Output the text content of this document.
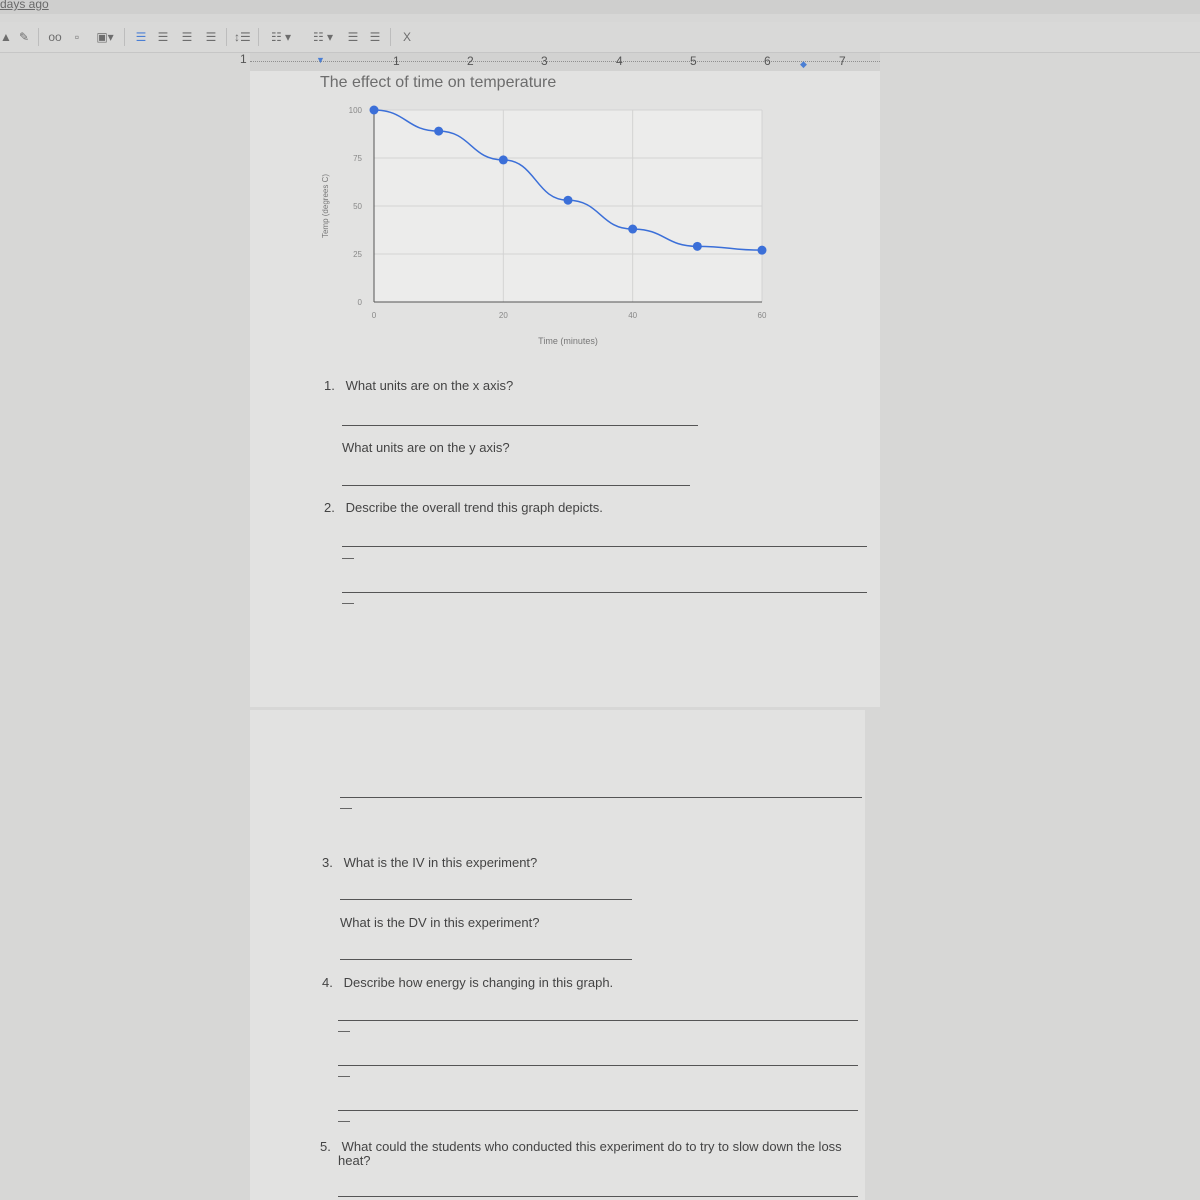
days ago
▲ ✎ oo	▫	▣▾ ☰ ☰ ☰ ☰ ↕☰	☷ ▾	☷ ▾	☰ ☰ X
1	▼	1	2	3	4	5	6	◆	7
The effect of time on temperature
0
25
50
75
100
0	20	40	60
Time (minutes)
Temp (degrees C)
1. What units are on the x axis?
What units are on the y axis?
2. Describe the overall trend this graph depicts.
3. What is the IV in this experiment?
What is the DV in this experiment?
4. Describe how energy is changing in this graph.
5. What could the students who conducted this experiment do to try to slow down the loss
heat?
